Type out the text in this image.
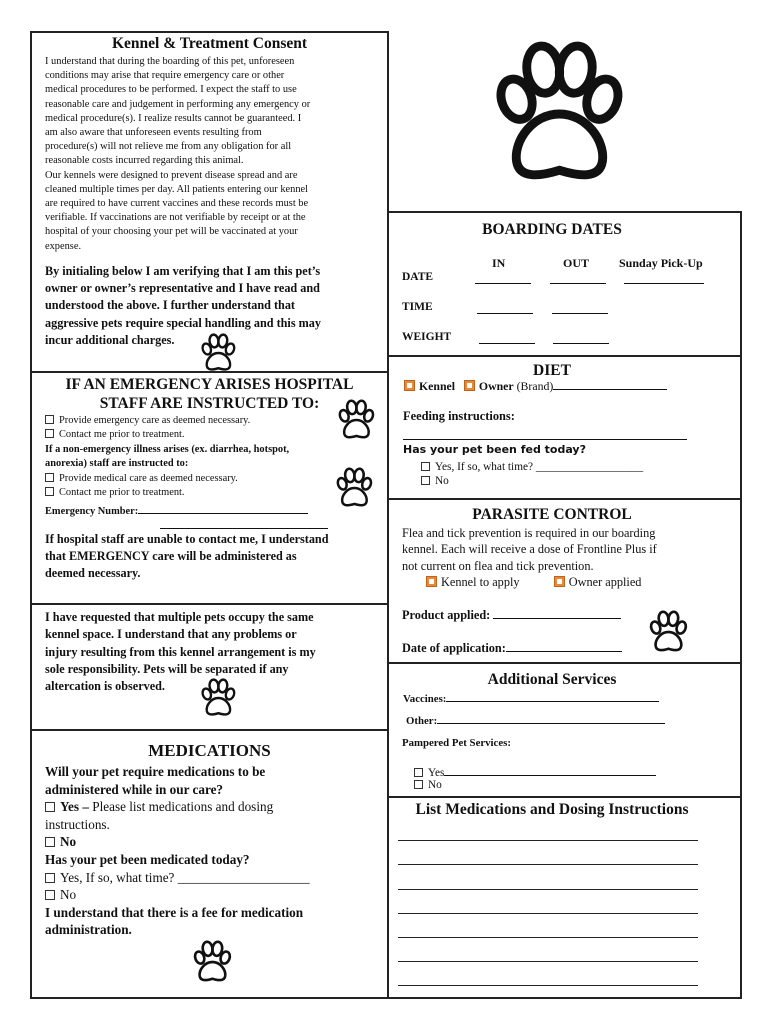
Kennel & Treatment Consent
I understand that during the boarding of this pet, unforeseen
conditions may arise that require emergency care or other
medical procedures to be performed. I expect the staff to use
reasonable care and judgement in performing any emergency or
medical procedure(s). I realize results cannot be guaranteed. I
am also aware that unforeseen events resulting from
procedure(s) will not relieve me from any obligation for all
reasonable costs incurred regarding this animal.
Our kennels were designed to prevent disease spread and are
cleaned multiple times per day. All patients entering our kennel
are required to have current vaccines and these records must be
verifiable. If vaccinations are not verifiable by receipt or at the
hospital of your choosing your pet will be vaccinated at your
expense.
By initialing below I am verifying that I am this pet’s
owner or owner’s representative and I have read and
understood the above. I further understand that
aggressive pets require special handling and this may
incur additional charges.
IF AN EMERGENCY ARISES HOSPITAL
STAFF ARE INSTRUCTED TO:
Provide emergency care as deemed necessary.
Contact me prior to treatment.
If a non-emergency illness arises (ex. diarrhea, hotspot,
anorexia) staff are instructed to:
Provide medical care as deemed necessary.
Contact me prior to treatment.
Emergency Number:
If hospital staff are unable to contact me, I understand
that EMERGENCY care will be administered as
deemed necessary.
I have requested that multiple pets occupy the same
kennel space. I understand that any problems or
injury resulting from this kennel arrangement is my
sole responsibility. Pets will be separated if any
altercation is observed.
MEDICATIONS
Will your pet require medications to be
administered while in our care?
Yes – Please list medications and dosing
instructions.
No
Has your pet been medicated today?
Yes, If so, what time? ____________________
No
I understand that there is a fee for medication
administration.
BOARDING DATES
IN	OUT Sunday Pick-Up
DATE
TIME
WEIGHT
DIET
Kennel Owner (Brand)
Feeding instructions:
Has your pet been fed today?
Yes, If so, what time? ___________________
No
PARASITE CONTROL
Flea and tick prevention is required in our boarding
kennel. Each will receive a dose of Frontline Plus if
not current on flea and tick prevention.
Kennel to apply	Owner applied
Product applied:
Date of application:
Additional Services
Vaccines:
Other:
Pampered Pet Services:
Yes
No
List Medications and Dosing Instructions
